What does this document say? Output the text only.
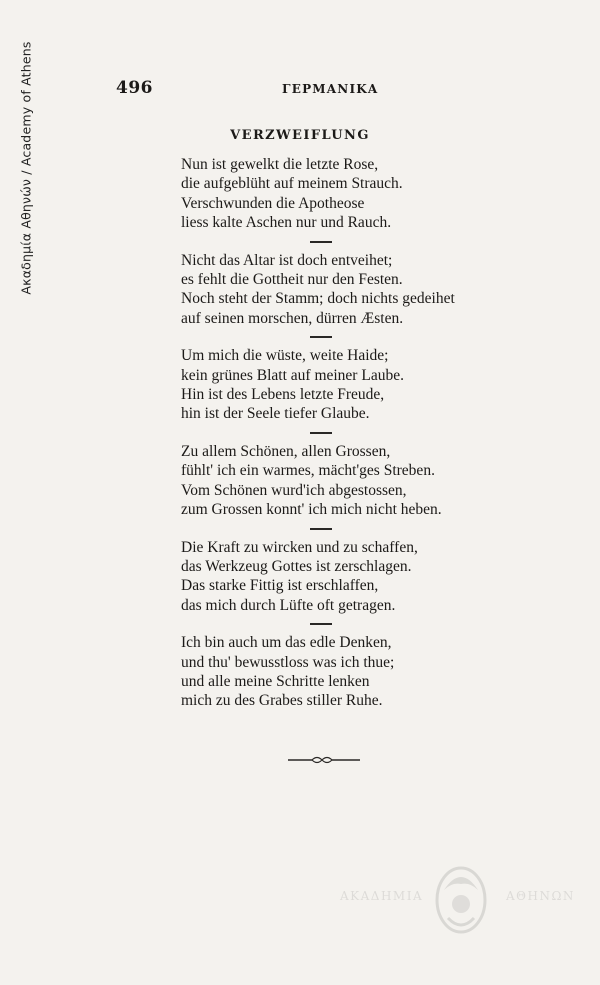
Ακαδημία Αθηνών / Academy of Athens	496	ΓΕΡΜΑΝΙΚΑ
VERZWEIFLUNG
Nun ist gewelkt die letzte Rose,
die aufgeblüht auf meinem Strauch.
Verschwunden die Apotheose
liess kalte Aschen nur und Rauch.
Nicht das Altar ist doch entveihet;
es fehlt die Gottheit nur den Festen.
Noch steht der Stamm; doch nichts gedeihet
auf seinen morschen, dürren Æsten.
Um mich die wüste, weite Haide;
kein grünes Blatt auf meiner Laube.
Hin ist des Lebens letzte Freude,
hin ist der Seele tiefer Glaube.
Zu allem Schönen, allen Grossen,
fühlt' ich ein warmes, mächt'ges Streben.
Vom Schönen wurd'ich abgestossen,
zum Grossen konnt' ich mich nicht heben.
Die Kraft zu wircken und zu schaffen,
das Werkzeug Gottes ist zerschlagen.
Das starke Fittig ist erschlaffen,
das mich durch Lüfte oft getragen.
Ich bin auch um das edle Denken,
und thu' bewusstloss was ich thue;
und alle meine Schritte lenken
mich zu des Grabes stiller Ruhe.
ΑΚΑΔΗΜΙΑ	ΑΘΗΝΩΝ
